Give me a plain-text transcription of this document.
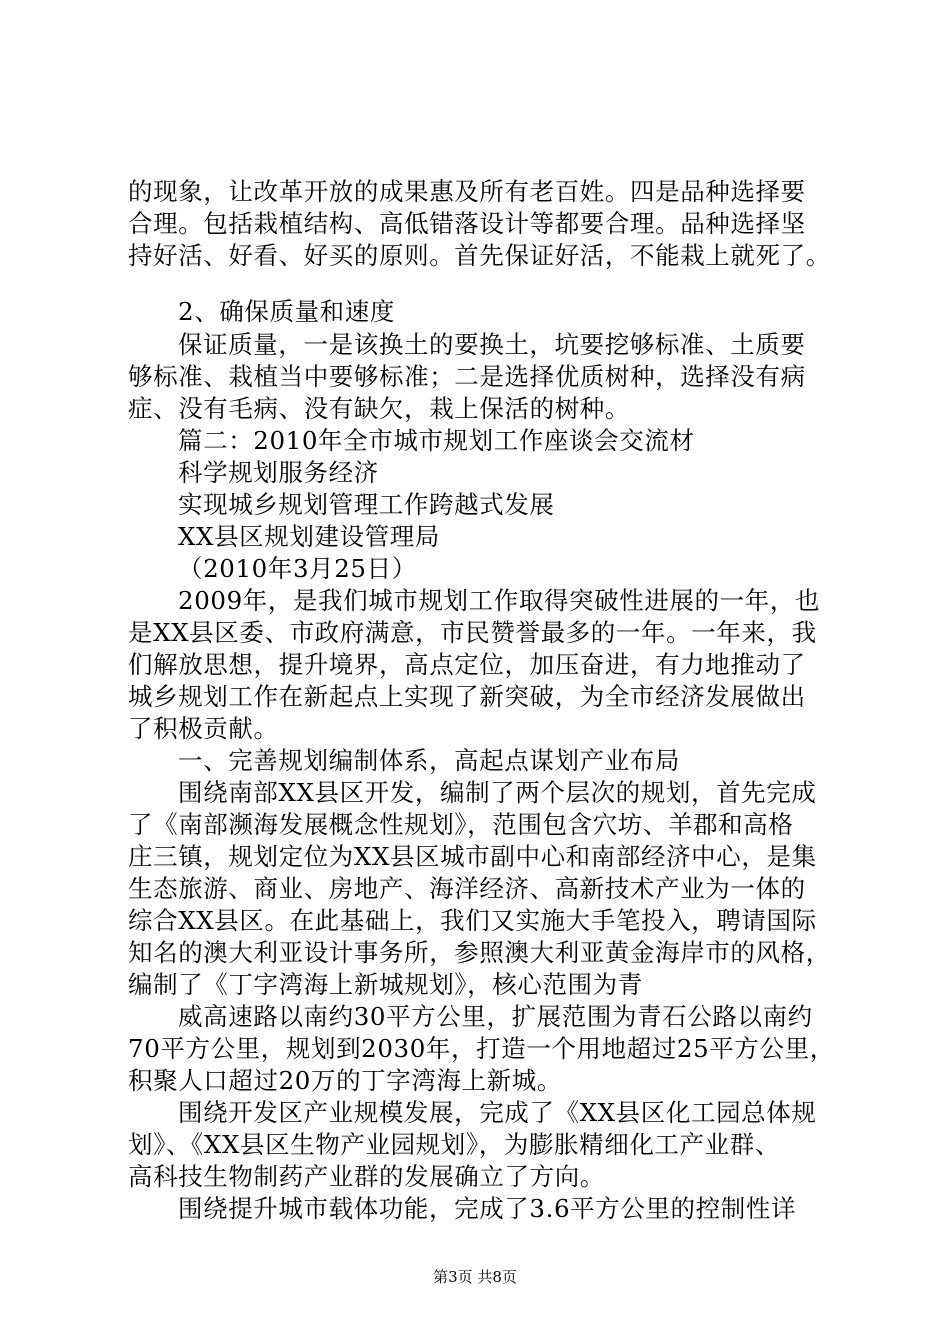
的现象，让改革开放的成果惠及所有老百姓。四是品种选择要
合理。包括栽植结构、高低错落设计等都要合理。品种选择坚
持好活、好看、好买的原则。首先保证好活，不能栽上就死了。
2、确保质量和速度
保证质量，一是该换土的要换土，坑要挖够标准、土质要
够标准、栽植当中要够标准；二是选择优质树种，选择没有病
症、没有毛病、没有缺欠，栽上保活的树种。
篇二：2010年全市城市规划工作座谈会交流材
科学规划服务经济
实现城乡规划管理工作跨越式发展
XX县区规划建设管理局
（2010年3月25日）
2009年，是我们城市规划工作取得突破性进展的一年，也
是XX县区委、市政府满意，市民赞誉最多的一年。一年来，我
们解放思想，提升境界，高点定位，加压奋进，有力地推动了
城乡规划工作在新起点上实现了新突破，为全市经济发展做出
了积极贡献。
一、完善规划编制体系，高起点谋划产业布局
围绕南部XX县区开发，编制了两个层次的规划，首先完成
了《南部濒海发展概念性规划》，范围包含穴坊、羊郡和高格
庄三镇，规划定位为XX县区城市副中心和南部经济中心，是集
生态旅游、商业、房地产、海洋经济、高新技术产业为一体的
综合XX县区。在此基础上，我们又实施大手笔投入，聘请国际
知名的澳大利亚设计事务所，参照澳大利亚黄金海岸市的风格，
编制了《丁字湾海上新城规划》，核心范围为青
威高速路以南约30平方公里，扩展范围为青石公路以南约
70平方公里，规划到2030年，打造一个用地超过25平方公里，
积聚人口超过20万的丁字湾海上新城。
围绕开发区产业规模发展，完成了《XX县区化工园总体规
划》、《XX县区生物产业园规划》，为膨胀精细化工产业群、
高科技生物制药产业群的发展确立了方向。
围绕提升城市载体功能，完成了3.6平方公里的控制性详
第3页 共8页
